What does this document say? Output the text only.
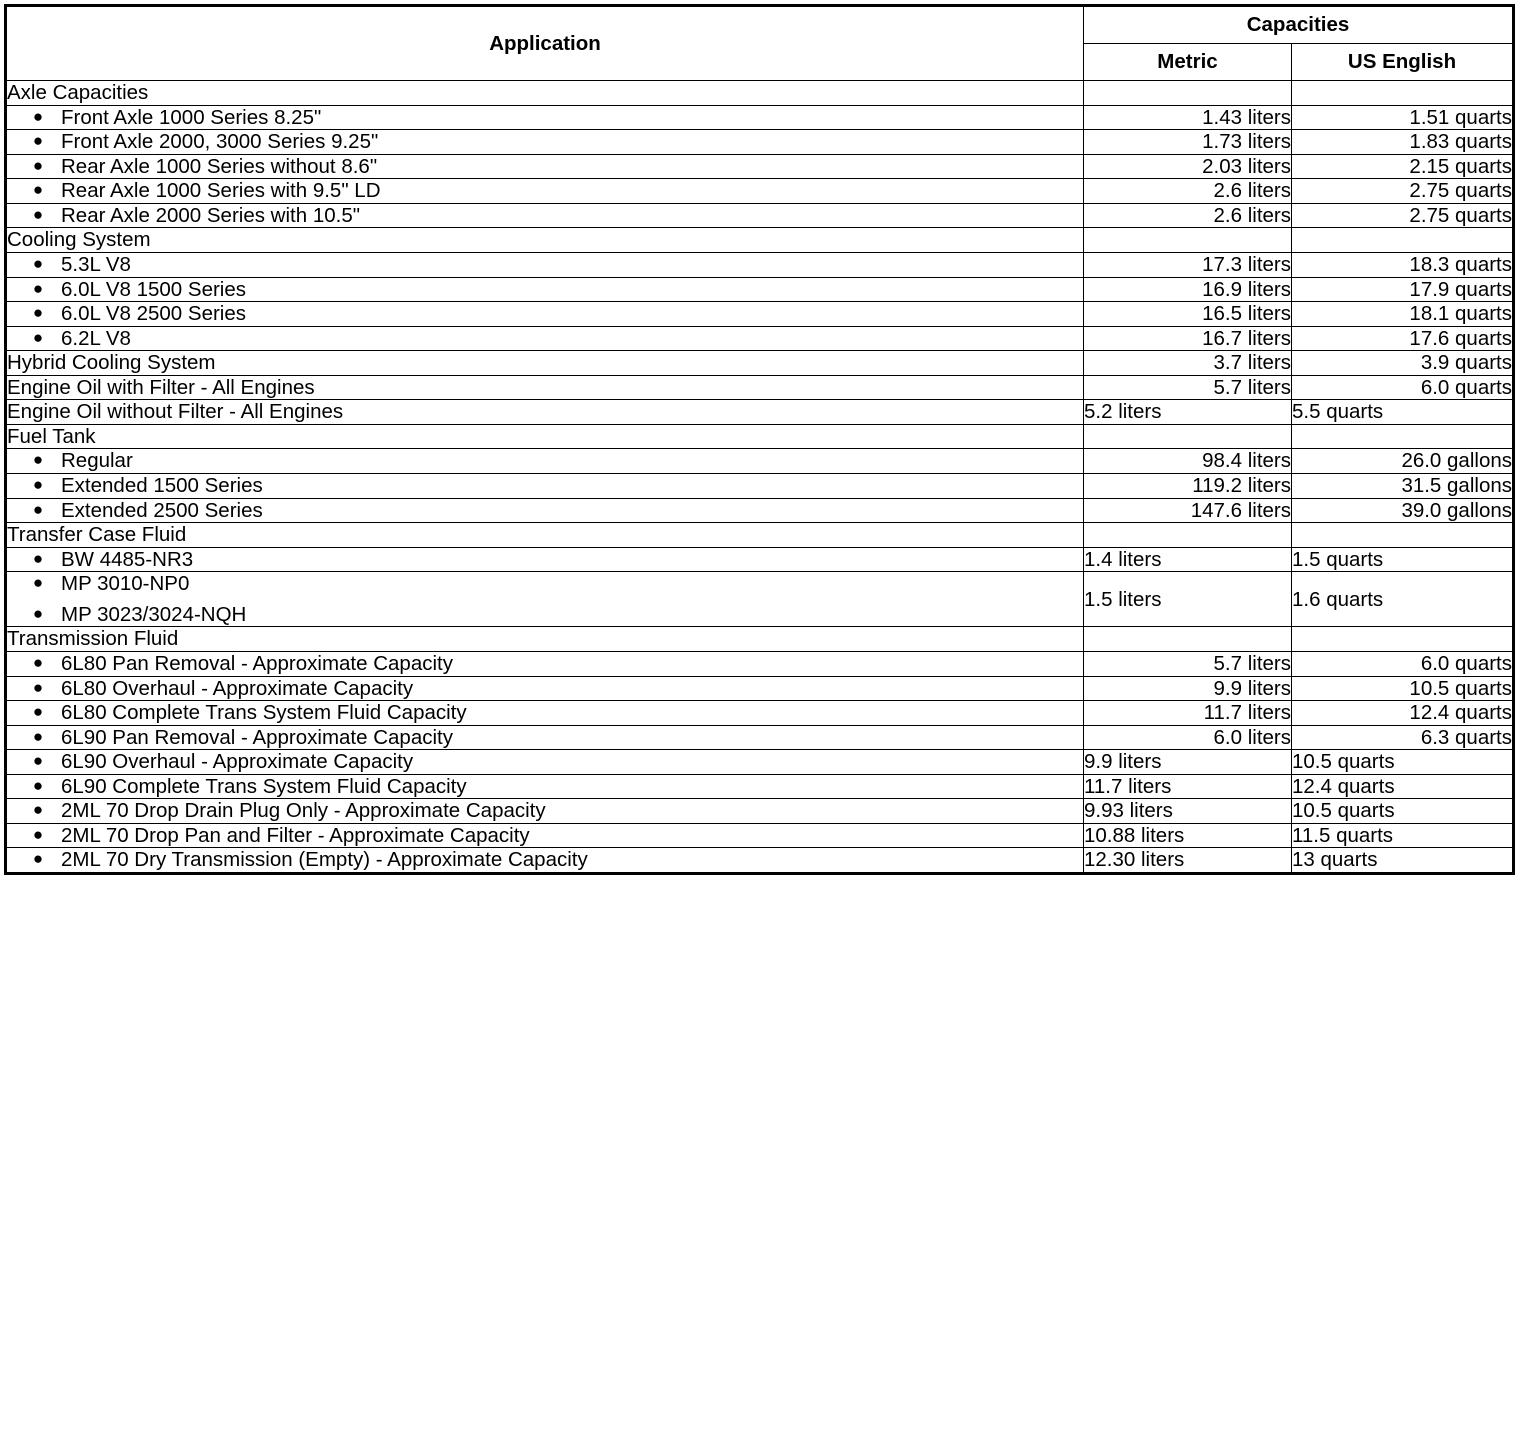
Application	Capacities	
	Metric	US English
Axle Capacities		

● Front Axle 1000 Series 8.25"	1.43 liters	1.51 quarts

● Front Axle 2000, 3000 Series 9.25"	1.73 liters	1.83 quarts

● Rear Axle 1000 Series without 8.6"	2.03 liters	2.15 quarts

● Rear Axle 1000 Series with 9.5" LD	2.6 liters	2.75 quarts

● Rear Axle 2000 Series with 10.5"	2.6 liters	2.75 quarts
Cooling System		

● 5.3L V8	17.3 liters	18.3 quarts

● 6.0L V8 1500 Series	16.9 liters	17.9 quarts

● 6.0L V8 2500 Series	16.5 liters	18.1 quarts

● 6.2L V8	16.7 liters	17.6 quarts
Hybrid Cooling System	3.7 liters	3.9 quarts
Engine Oil with Filter - All Engines	5.7 liters	6.0 quarts
Engine Oil without Filter - All Engines	5.2 liters	5.5 quarts
Fuel Tank		

● Regular	98.4 liters	26.0 gallons

● Extended 1500 Series	119.2 liters	31.5 gallons

● Extended 2500 Series	147.6 liters	39.0 gallons
Transfer Case Fluid		

● BW 4485-NR3	1.4 liters	1.5 quarts

● MP 3010-NP0
● MP 3023/3024-NQH	1.5 liters	1.6 quarts
Transmission Fluid		

● 6L80 Pan Removal - Approximate Capacity	5.7 liters	6.0 quarts

● 6L80 Overhaul - Approximate Capacity	9.9 liters	10.5 quarts

● 6L80 Complete Trans System Fluid Capacity	11.7 liters	12.4 quarts

● 6L90 Pan Removal - Approximate Capacity	6.0 liters	6.3 quarts

● 6L90 Overhaul - Approximate Capacity	9.9 liters	10.5 quarts

● 6L90 Complete Trans System Fluid Capacity	11.7 liters	12.4 quarts

● 2ML 70 Drop Drain Plug Only - Approximate Capacity	9.93 liters	10.5 quarts

● 2ML 70 Drop Pan and Filter - Approximate Capacity	10.88 liters	11.5 quarts

● 2ML 70 Dry Transmission (Empty) - Approximate Capacity	12.30 liters	13 quarts
